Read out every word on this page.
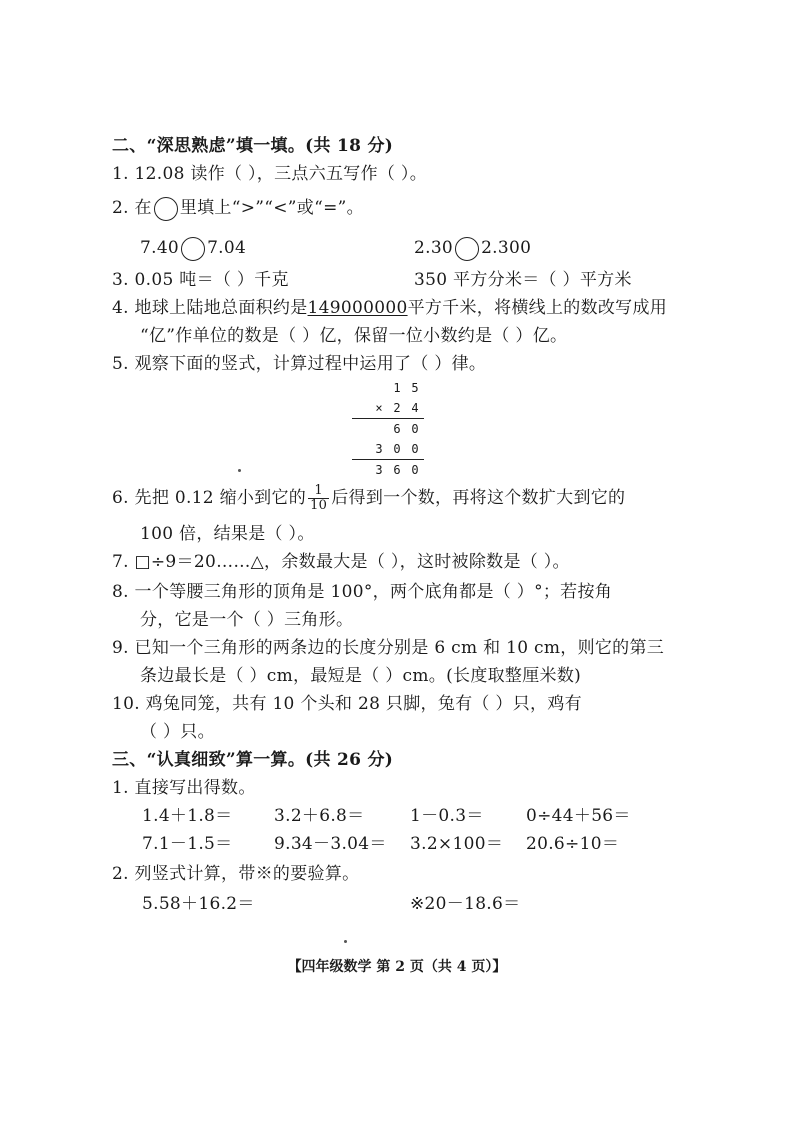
二、“深思熟虑”填一填。(共 18 分)
1. 12.08 读作（ ），三点六五写作（ ）。
2. 在 里填上“>”“<”或“=”。
7.40 7.04	2.30 2.300
3. 0.05 吨＝（ ）千克	350 平方分米＝（ ）平方米
4. 地球上陆地总面积约是149000000平方千米，将横线上的数改写成用
“亿”作单位的数是（ ）亿，保留一位小数约是（ ）亿。
5. 观察下面的竖式，计算过程中运用了（ ）律。
1 5
× 2 4
6 0
3 0 0
3 6 0
6. 先把 0.12 缩小到它的 $\frac{1}{10}$ 后得到一个数，再将这个数扩大到它的
100 倍，结果是（ ）。
7. □÷9＝20……△，余数最大是（ ），这时被除数是（ ）。
8. 一个等腰三角形的顶角是 100°，两个底角都是（ ）°；若按角
分，它是一个（ ）三角形。
9. 已知一个三角形的两条边的长度分别是 6 cm 和 10 cm，则它的第三
条边最长是（ ）cm，最短是（ ）cm。(长度取整厘米数)
10. 鸡兔同笼，共有 10 个头和 28 只脚，兔有（ ）只，鸡有
（ ）只。
三、“认真细致”算一算。(共 26 分)
1. 直接写出得数。
1.4＋1.8＝ 3.2＋6.8＝	1－0.3＝ 0÷44＋56＝
7.1－1.5＝ 9.34－3.04＝ 3.2×100＝ 20.6÷10＝
2. 列竖式计算，带※的要验算。
5.58＋16.2＝	※20－18.6＝
【四年级数学 第 2 页（共 4 页）】
